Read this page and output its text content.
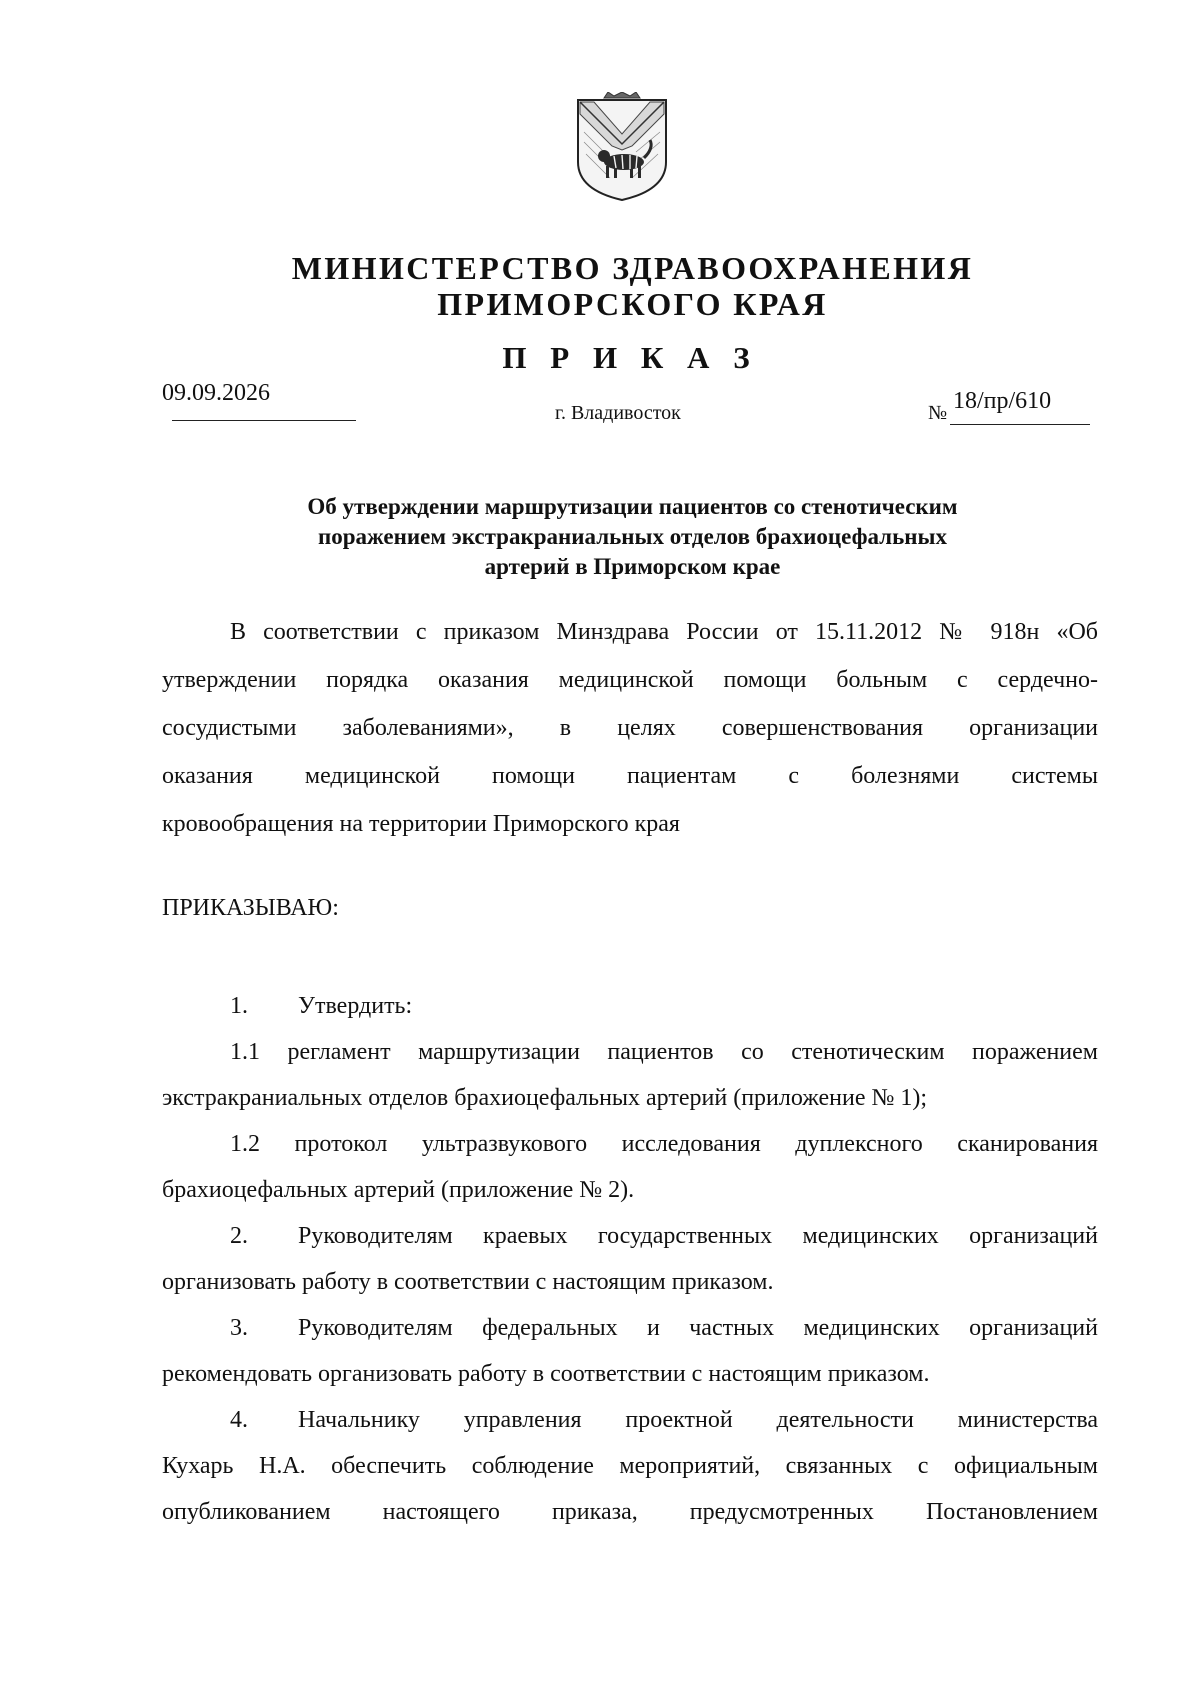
МИНИСТЕРСТВО ЗДРАВООХРАНЕНИЯ
ПРИМОРСКОГО КРАЯ
П Р И К А З
09.09.2026
г. Владивосток	№ 18/пр/610
Об утверждении маршрутизации пациентов со стенотическим
поражением экстракраниальных отделов брахиоцефальных
артерий в Приморском крае
В соответствии с приказом Минздрава России от 15.11.2012 № 918н «Об
утверждении порядка оказания медицинской помощи больным с сердечно-
сосудистыми заболеваниями», в целях совершенствования организации
оказания медицинской помощи пациентам с болезнями системы
кровообращения на территории Приморского края
ПРИКАЗЫВАЮ:
1. Утвердить:
1.1 регламент маршрутизации пациентов со стенотическим поражением
экстракраниальных отделов брахиоцефальных артерий (приложение № 1);
1.2 протокол ультразвукового исследования дуплексного сканирования
брахиоцефальных артерий (приложение № 2).
2. Руководителям краевых государственных медицинских организаций
организовать работу в соответствии с настоящим приказом.
3. Руководителям федеральных и частных медицинских организаций
рекомендовать организовать работу в соответствии с настоящим приказом.
4. Начальнику управления проектной деятельности министерства
Кухарь Н.А. обеспечить соблюдение мероприятий, связанных с официальным
опубликованием настоящего приказа, предусмотренных Постановлением
